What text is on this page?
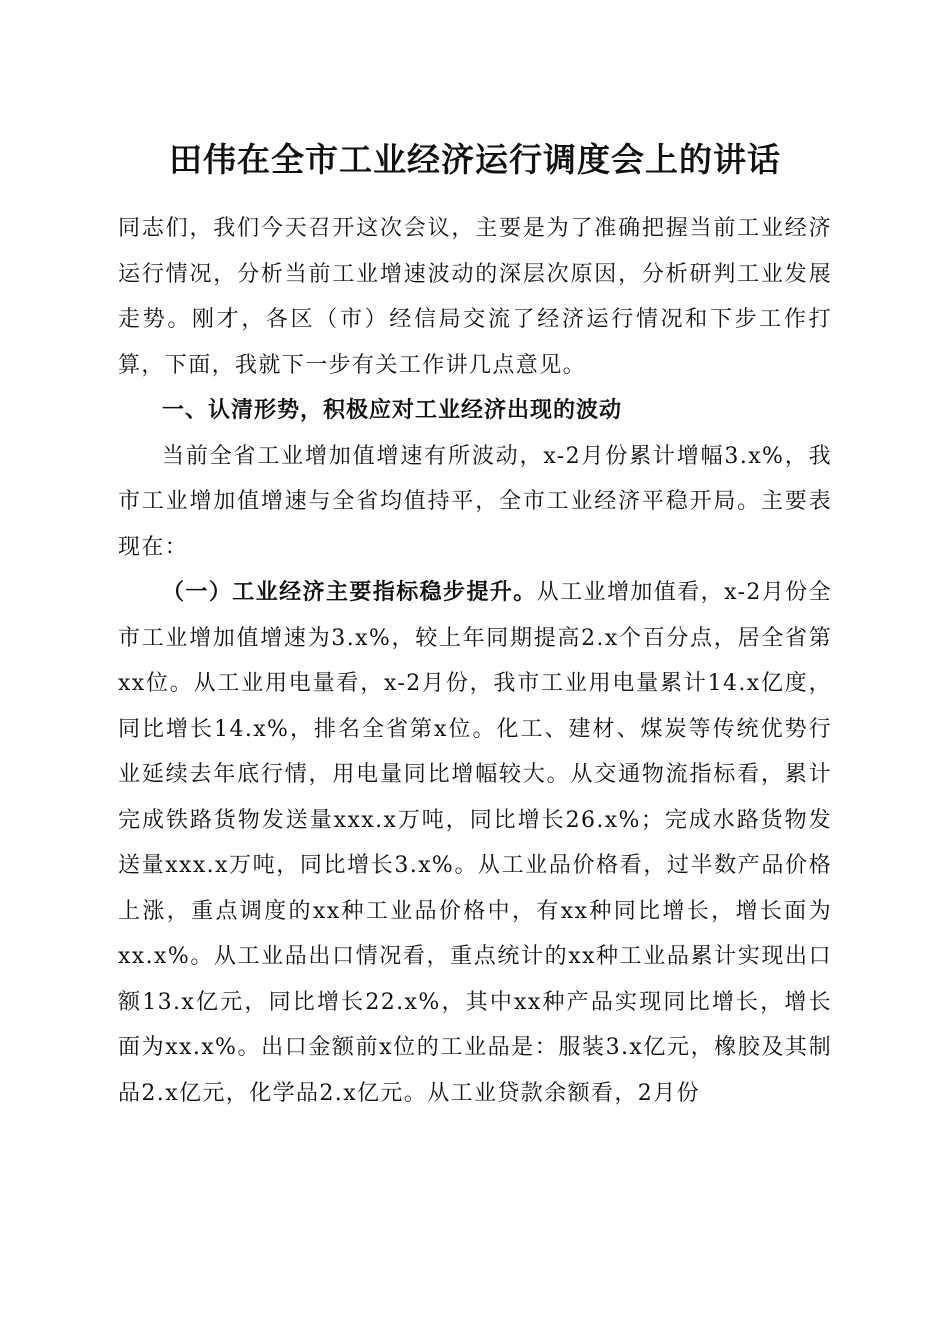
田伟在全市工业经济运行调度会上的讲话

同志们，我们今天召开这次会议，主要是为了准确把握当前工业经济运行情况，分析当前工业增速波动的深层次原因，分析研判工业发展走势。刚才，各区（市）经信局交流了经济运行情况和下步工作打算，下面，我就下一步有关工作讲几点意见。

一、认清形势，积极应对工业经济出现的波动

当前全省工业增加值增速有所波动，x-2月份累计增幅3.x%，我市工业增加值增速与全省均值持平，全市工业经济平稳开局。主要表现在：

（一）工业经济主要指标稳步提升。从工业增加值看，x-2月份全市工业增加值增速为3.x%，较上年同期提高2.x个百分点，居全省第xx位。从工业用电量看，x-2月份，我市工业用电量累计14.x亿度，同比增长14.x%，排名全省第x位。化工、建材、煤炭等传统优势行业延续去年底行情，用电量同比增幅较大。从交通物流指标看，累计完成铁路货物发送量xxx.x万吨，同比增长26.x%；完成水路货物发送量xxx.x万吨，同比增长3.x%。从工业品价格看，过半数产品价格上涨，重点调度的xx种工业品价格中，有xx种同比增长，增长面为xx.x%。从工业品出口情况看，重点统计的xx种工业品累计实现出口额13.x亿元，同比增长22.x%，其中xx种产品实现同比增长，增长面为xx.x%。出口金额前x位的工业品是：服装3.x亿元，橡胶及其制品2.x亿元，化学品2.x亿元。从工业贷款余额看，2月份
